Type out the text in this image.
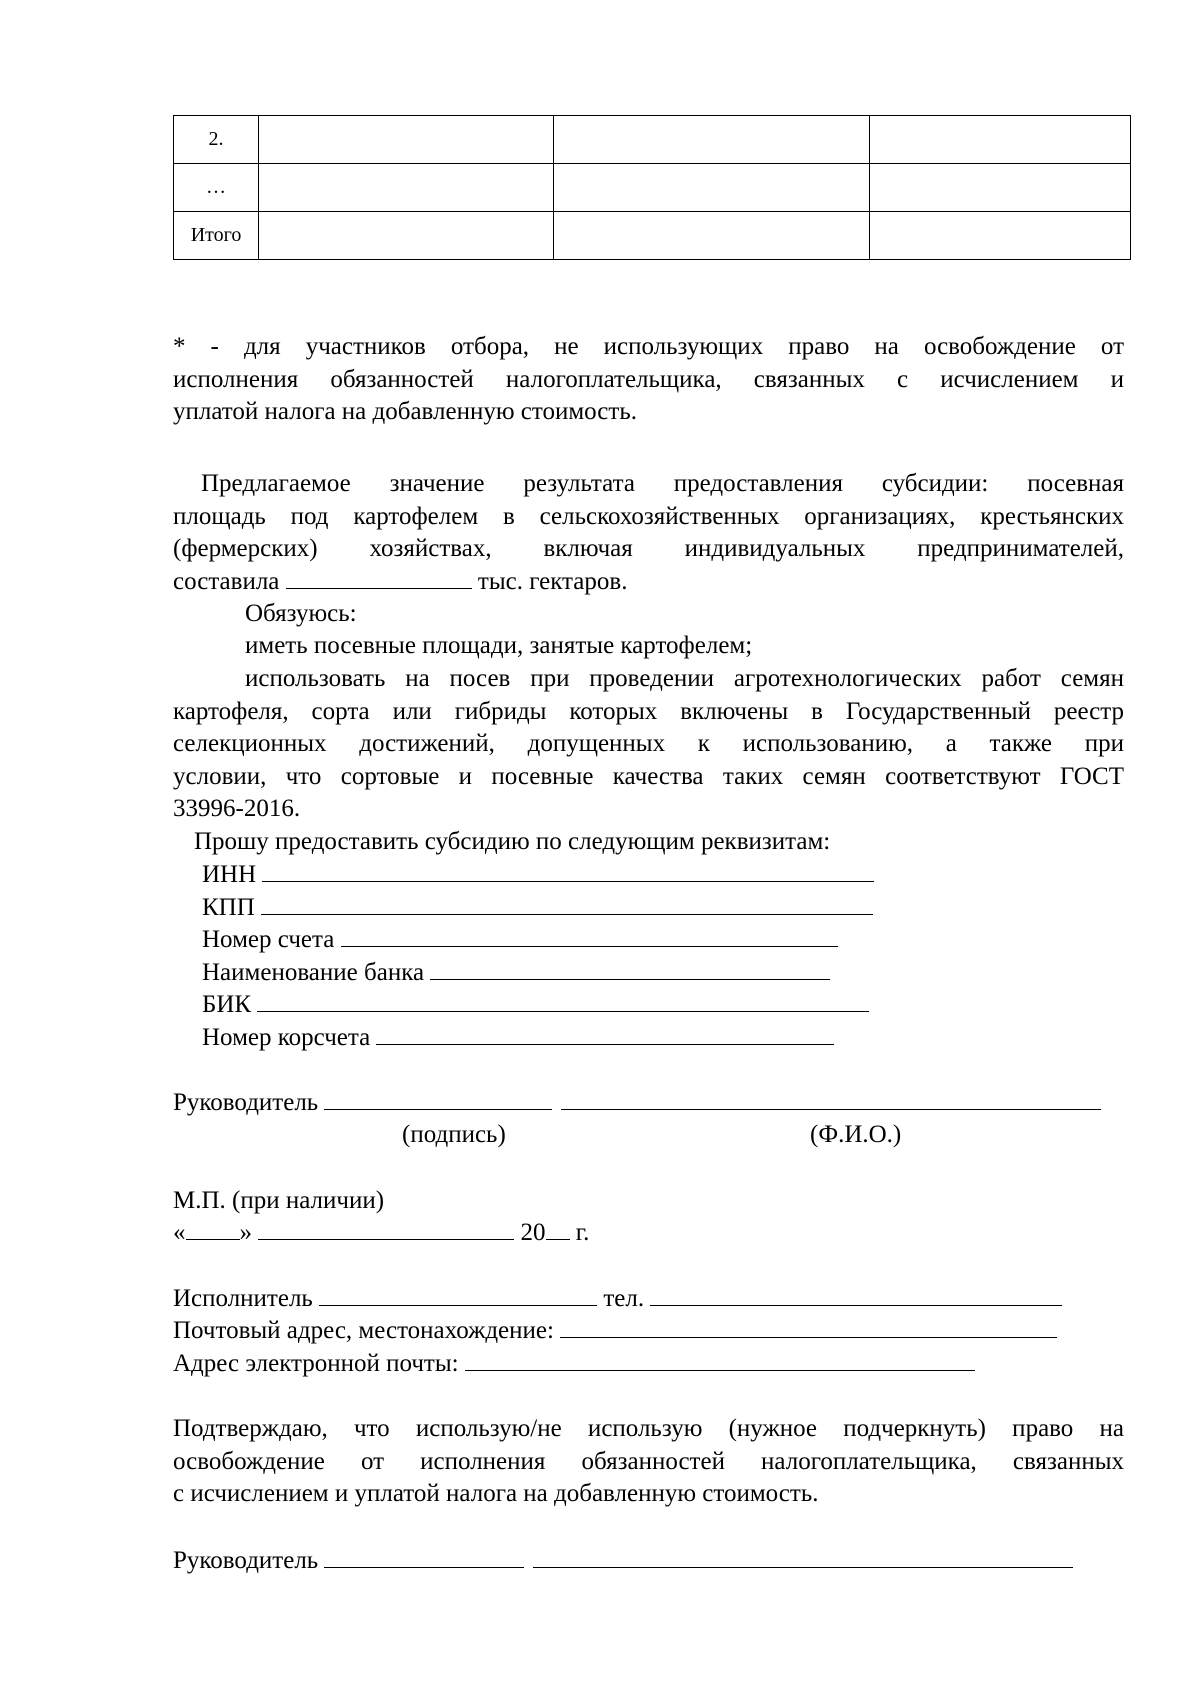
2.			
…			
Итого			
* - для участников отбора, не использующих право на освобождение от
исполнения обязанностей налогоплательщика, связанных с исчислением и
уплатой налога на добавленную стоимость.
Предлагаемое значение результата предоставления субсидии: посевная
площадь под картофелем в сельскохозяйственных организациях, крестьянских
(фермерских) хозяйствах, включая индивидуальных предпринимателей,
составила	тыс. гектаров.
Обязуюсь:
иметь посевные площади, занятые картофелем;
использовать на посев при проведении агротехнологических работ семян
картофеля, сорта или гибриды которых включены в Государственный реестр
селекционных достижений, допущенных к использованию, а также при
условии, что сортовые и посевные качества таких семян соответствуют ГОСТ
33996-2016.
Прошу предоставить субсидию по следующим реквизитам:
ИНН
КПП
Номер счета
Наименование банка
БИК
Номер корсчета
Руководитель
(подпись)	(Ф.И.О.)
М.П. (при наличии)
« »	20 г.
Исполнитель	тел.
Почтовый адрес, местонахождение:
Адрес электронной почты:
Подтверждаю, что использую/не использую (нужное подчеркнуть) право на
освобождение от исполнения обязанностей налогоплательщика, связанных
с исчислением и уплатой налога на добавленную стоимость.
Руководитель
